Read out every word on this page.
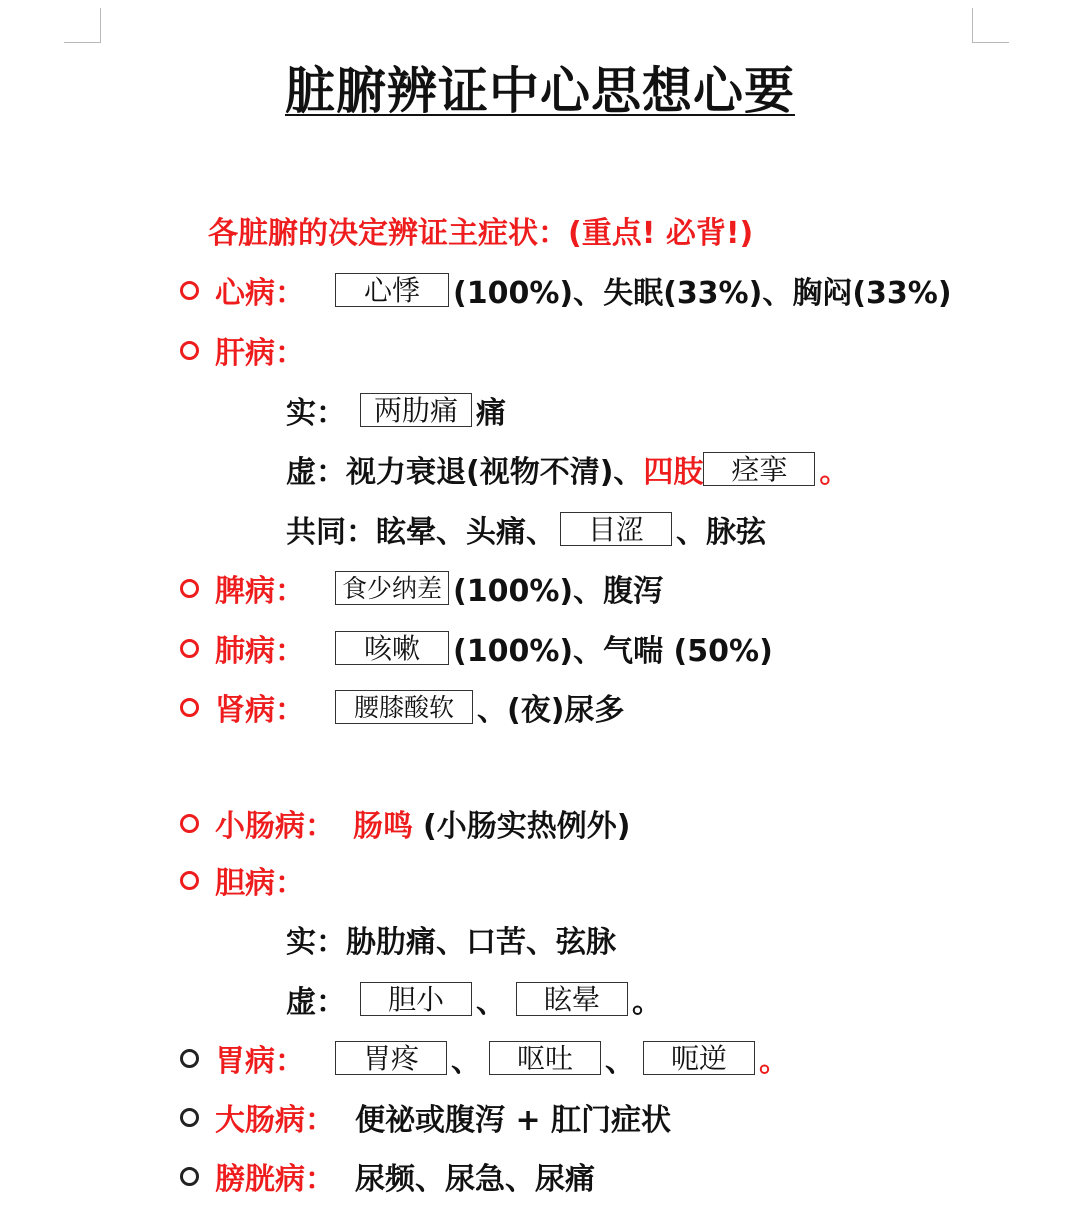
脏腑辨证中心思想心要
各脏腑的决定辨证主症状：(重点! 必背!)
心病：	心悸	(100%)、失眠(33%)、胸闷(33%)
肝病：
实： 两肋痛 痛
虚： 视力衰退(视物不清)、 四肢 痉挛	。
共同： 眩晕、头痛、	目涩	、脉弦
脾病：	食少纳差 (100%)、腹泻
肺病：	咳嗽	(100%)、气喘 (50%)
肾病：	腰膝酸软 、(夜)尿多
小肠病： 肠鸣 (小肠实热例外)
胆病：
实： 胁肋痛、口苦、弦脉
虚：	胆小	、	眩晕	。
胃病：	胃疼	、	呕吐	、	呃逆	。
大肠病： 便祕或腹泻 + 肛门症状
膀胱病： 尿频、尿急、尿痛
